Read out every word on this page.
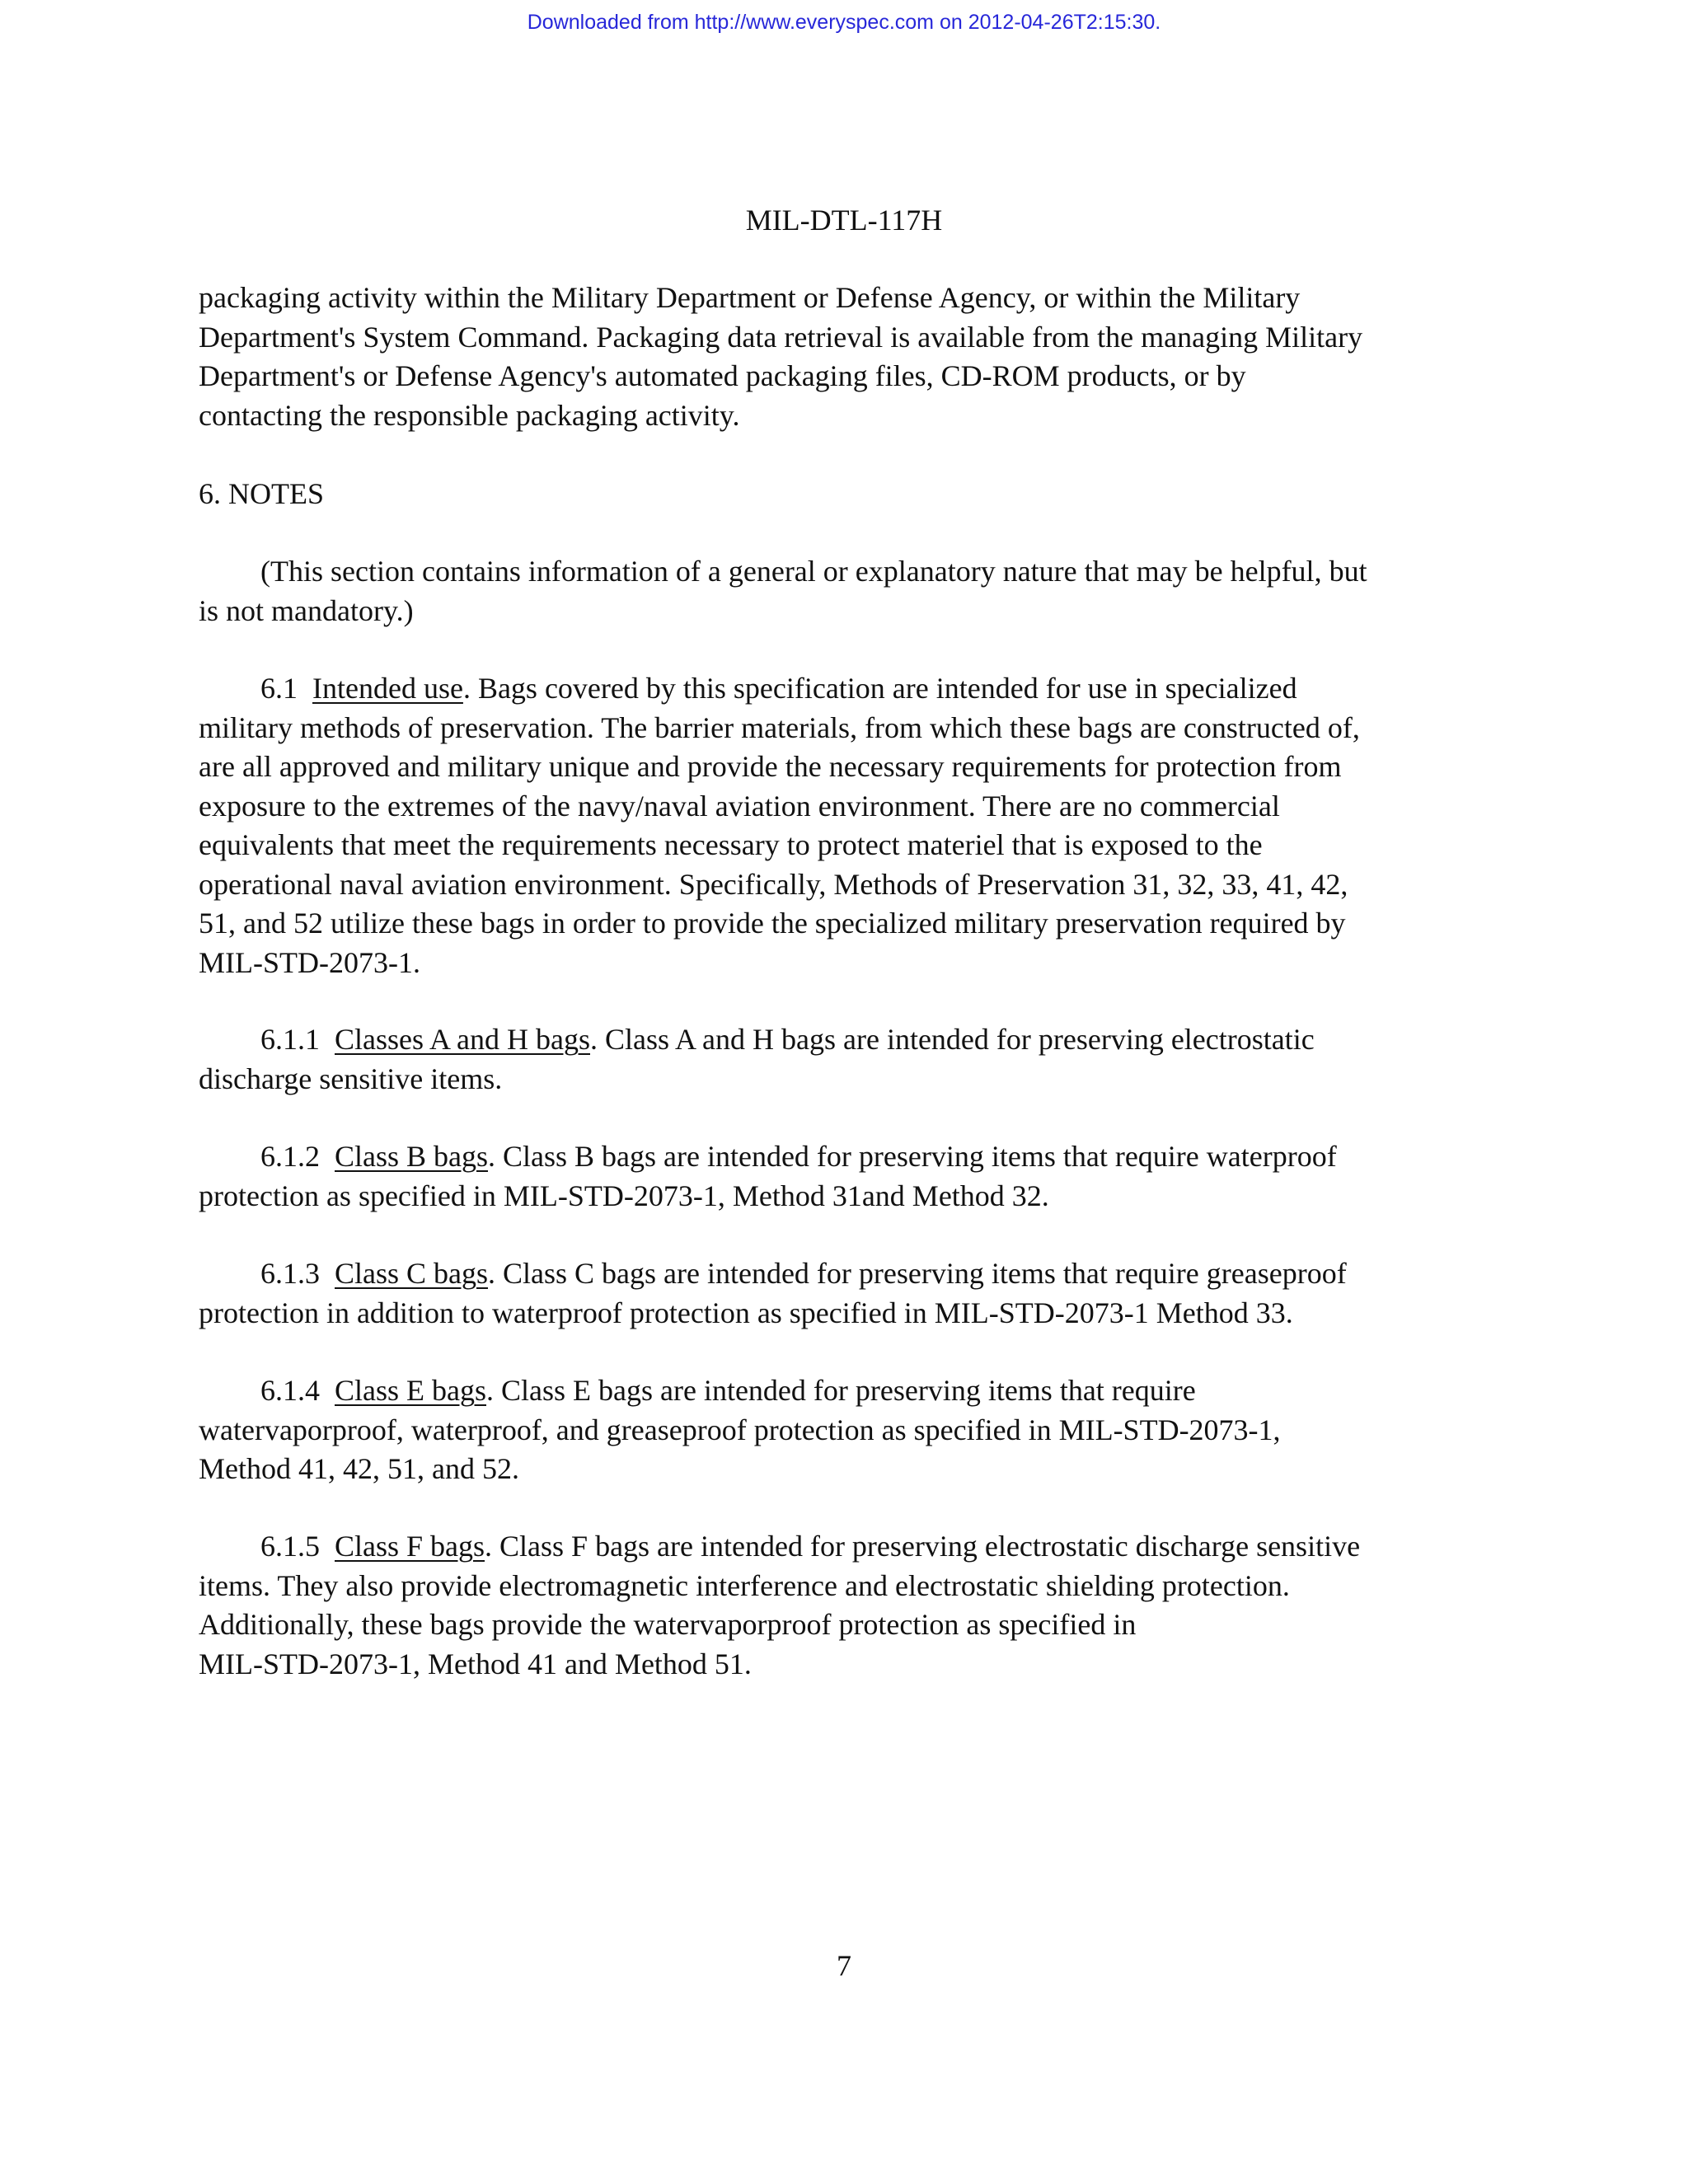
Downloaded from http://www.everyspec.com on 2012-04-26T2:15:30.
MIL-DTL-117H
packaging activity within the Military Department or Defense Agency, or within the Military
Department's System Command. Packaging data retrieval is available from the managing Military
Department's or Defense Agency's automated packaging files, CD-ROM products, or by
contacting the responsible packaging activity.
6. NOTES
(This section contains information of a general or explanatory nature that may be helpful, but
is not mandatory.)
6.1 Intended use. Bags covered by this specification are intended for use in specialized
military methods of preservation. The barrier materials, from which these bags are constructed of,
are all approved and military unique and provide the necessary requirements for protection from
exposure to the extremes of the navy/naval aviation environment. There are no commercial
equivalents that meet the requirements necessary to protect materiel that is exposed to the
operational naval aviation environment. Specifically, Methods of Preservation 31, 32, 33, 41, 42,
51, and 52 utilize these bags in order to provide the specialized military preservation required by
MIL-STD-2073-1.
6.1.1 Classes A and H bags. Class A and H bags are intended for preserving electrostatic
discharge sensitive items.
6.1.2 Class B bags. Class B bags are intended for preserving items that require waterproof
protection as specified in MIL-STD-2073-1, Method 31and Method 32.
6.1.3 Class C bags. Class C bags are intended for preserving items that require greaseproof
protection in addition to waterproof protection as specified in MIL-STD-2073-1 Method 33.
6.1.4 Class E bags. Class E bags are intended for preserving items that require
watervaporproof, waterproof, and greaseproof protection as specified in MIL-STD-2073-1,
Method 41, 42, 51, and 52.
6.1.5 Class F bags. Class F bags are intended for preserving electrostatic discharge sensitive
items. They also provide electromagnetic interference and electrostatic shielding protection.
Additionally, these bags provide the watervaporproof protection as specified in
MIL-STD-2073-1, Method 41 and Method 51.
7
